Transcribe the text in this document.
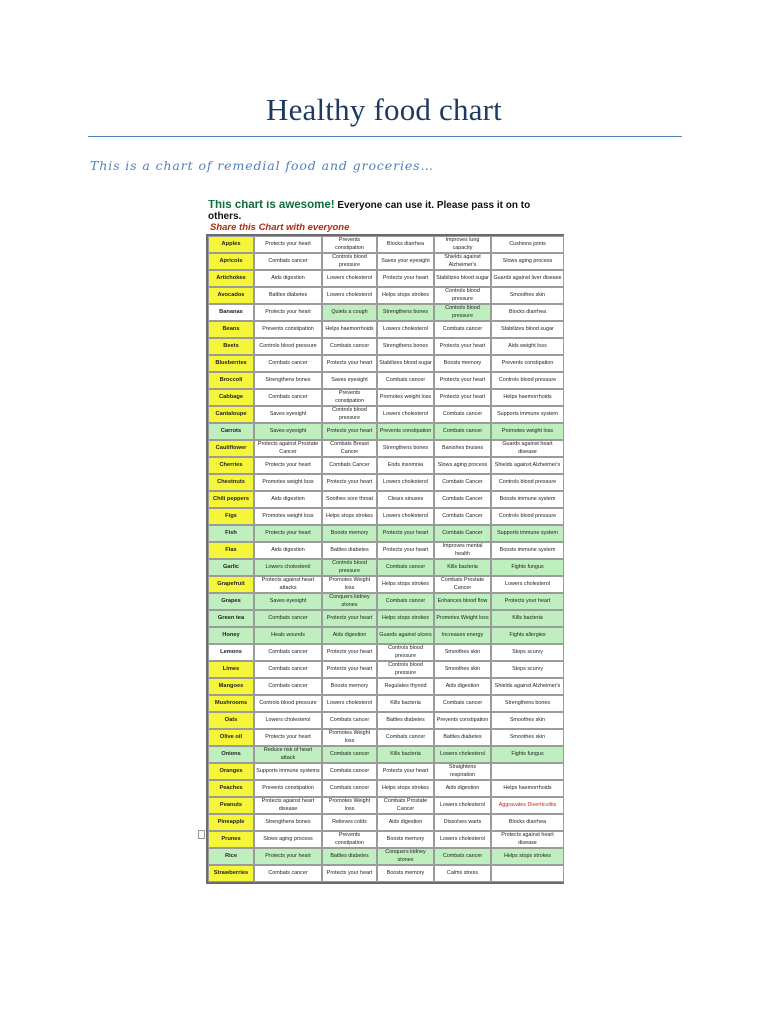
Healthy food chart
This is a chart of remedial food and groceries…
This chart is awesome! Everyone can use it. Please pass it on to others.
Share this Chart with everyone
Apples	Protects your heart	Prevents constipation	Blocks diarrhea	Improves lung capacity	Cushions joints
Apricots	Combats cancer	Controls blood pressure	Saves your eyesight	Shields against Alzheimer's	Slows aging process
Artichokes	Aids digestion	Lowers cholesterol	Protects your heart	Stabilizes blood sugar	Guards against liver disease
Avocados	Battles diabetes	Lowers cholesterol	Helps stops strokes	Controls blood pressure	Smoothes skin
Bananas	Protects your heart	Quiets a cough	Strengthens bones	Controls blood pressure	Blocks diarrhea
Beans	Prevents constipation	Helps haemorrhoids	Lowers cholesterol	Combats cancer	Stabilizes blood sugar
Beets	Controls blood pressure	Combats cancer	Strengthens bones	Protects your heart	Aids weight loss
Blueberries	Combats cancer	Protects your heart	Stabilizes blood sugar	Boosts memory	Prevents constipation
Broccoli	Strengthens bones	Saves eyesight	Combats cancer	Protects your heart	Controls blood pressure
Cabbage	Combats cancer	Prevents constipation	Promotes weight loss	Protects your heart	Helps haemorrhoids
Cantaloupe	Saves eyesight	Controls blood pressure	Lowers cholesterol	Combats cancer	Supports immune system
Carrots	Saves eyesight	Protects your heart	Prevents constipation	Combats cancer	Promotes weight loss
Cauliflower	Protects against Prostate Cancer	Combats Breast Cancer	Strengthens bones	Banishes bruises	Guards against heart disease
Cherries	Protects your heart	Combats Cancer	Ends insomnia	Slows aging process	Shields against Alzheimer's
Chestnuts	Promotes weight loss	Protects your heart	Lowers cholesterol	Combats Cancer	Controls blood pressure
Chili peppers	Aids digestion	Soothes sore throat	Clears sinuses	Combats Cancer	Boosts immune system
Figs	Promotes weight loss	Helps stops strokes	Lowers cholesterol	Combats Cancer	Controls blood pressure
Fish	Protects your heart	Boosts memory	Protects your heart	Combats Cancer	Supports immune system
Flax	Aids digestion	Battles diabetes	Protects your heart	Improves mental health	Boosts immune system
Garlic	Lowers cholesterol	Controls blood pressure	Combats cancer	Kills bacteria	Fights fungus
Grapefruit	Protects against heart attacks	Promotes Weight loss	Helps stops strokes	Combats Prostate Cancer	Lowers cholesterol
Grapes	Saves eyesight	Conquers kidney stones	Combats cancer	Enhances blood flow	Protects your heart
Green tea	Combats cancer	Protects your heart	Helps stops strokes	Promotes Weight loss	Kills bacteria
Honey	Heals wounds	Aids digestion	Guards against ulcers	Increases energy	Fights allergies
Lemons	Combats cancer	Protects your heart	Controls blood pressure	Smoothes skin	Stops scurvy
Limes	Combats cancer	Protects your heart	Controls blood pressure	Smoothes skin	Stops scurvy
Mangoes	Combats cancer	Boosts memory	Regulates thyroid	Aids digestion	Shields against Alzheimer's
Mushrooms	Controls blood pressure	Lowers cholesterol	Kills bacteria	Combats cancer	Strengthens bones
Oats	Lowers cholesterol	Combats cancer	Battles diabetes	Prevents constipation	Smoothes skin
Olive oil	Protects your heart	Promotes Weight loss	Combats cancer	Battles diabetes	Smoothes skin
Onions	Reduce risk of heart attack	Combats cancer	Kills bacteria	Lowers cholesterol	Fights fungus
Oranges	Supports immune systems	Combats cancer	Protects your heart	Straightens respiration	
Peaches	Prevents constipation	Combats cancer	Helps stops strokes	Aids digestion	Helps haemorrhoids
Peanuts	Protects against heart disease	Promotes Weight loss	Combats Prostate Cancer	Lowers cholesterol	Aggravates Diverticulitis
Pineapple	Strengthens bones	Relieves colds	Aids digestion	Dissolves warts	Blocks diarrhea
Prunes	Slows aging process	Prevents constipation	Boosts memory	Lowers cholesterol	Protects against heart disease
Rice	Protects your heart	Battles diabetes	Conquers kidney stones	Combats cancer	Helps stops strokes
Strawberries	Combats cancer	Protects your heart	Boosts memory	Calms stress	
